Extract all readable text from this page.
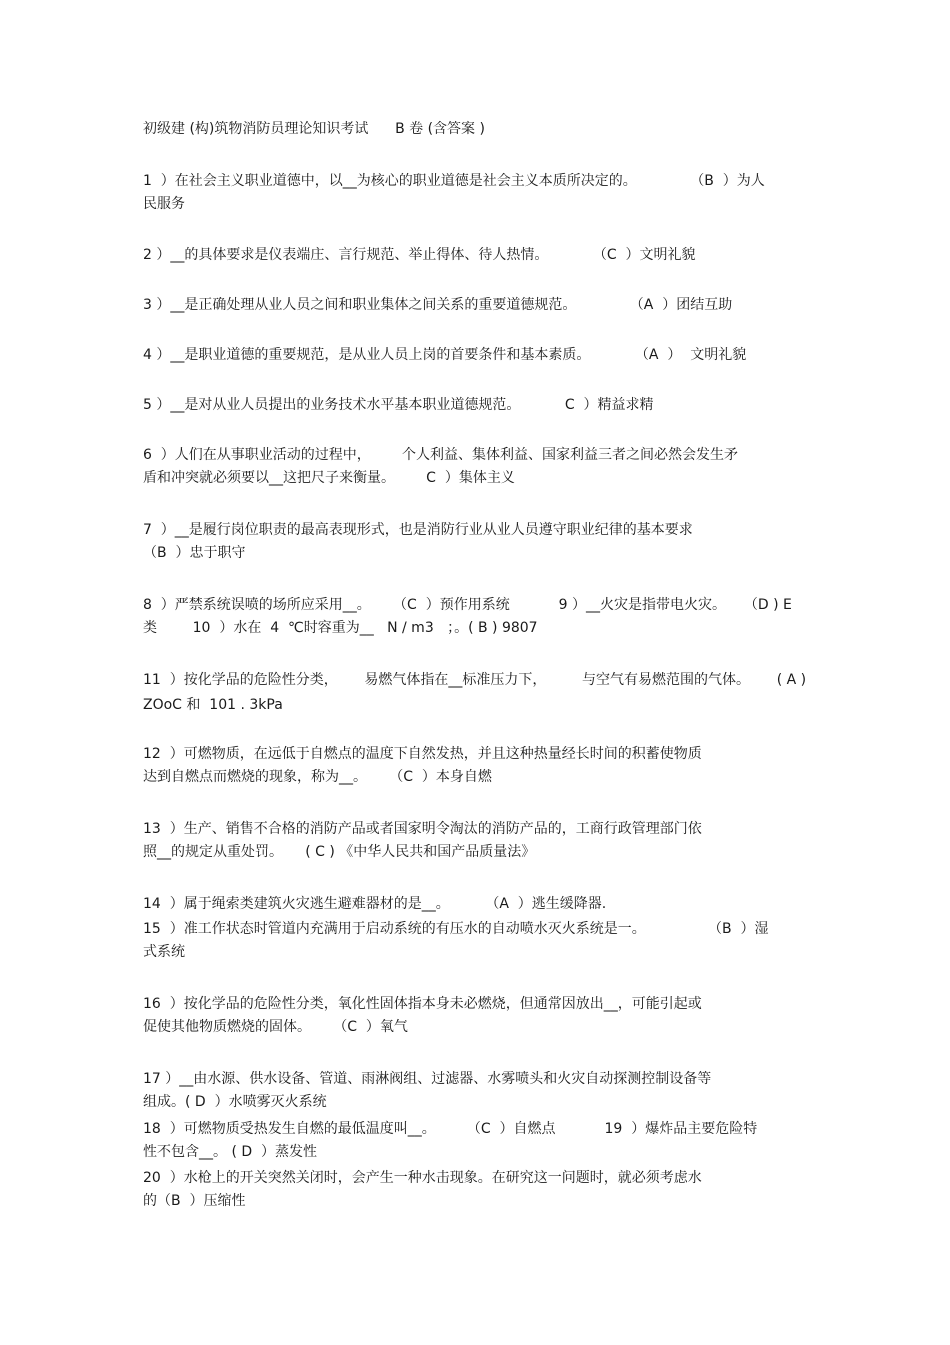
初级建 (构)筑物消防员理论知识考试      B 卷 (含答案 )
1  ）在社会主义职业道德中，以__为核心的职业道德是社会主义本质所决定的。            （B  ）为人
民服务
2 ）__的具体要求是仪表端庄、言行规范、举止得体、待人热情。          （C  ）文明礼貌
3 ）__是正确处理从业人员之间和职业集体之间关系的重要道德规范。            （A  ）团结互助
4 ）__是职业道德的重要规范，是从业人员上岗的首要条件和基本素质。          （A  ）  文明礼貌
5 ）__是对从业人员提出的业务技术水平基本职业道德规范。          C  ）精益求精
6  ）人们在从事职业活动的过程中，       个人利益、集体利益、国家利益三者之间必然会发生矛
盾和冲突就必须要以__这把尺子来衡量。       C  ）集体主义
7  ）__是履行岗位职责的最高表现形式，也是消防行业从业人员遵守职业纪律的基本要求
（B  ）忠于职守
8  ）严禁系统误喷的场所应采用__。     （C  ）预作用系统           9 ）__火灾是指带电火灾。    （D ) E
类        10  ）水在  4  ℃时容重为__   N / m3   ；。( B ) 9807
11  ）按化学品的危险性分类，      易燃气体指在__标准压力下，        与空气有易燃范围的气体。      ( A )
ZOoC 和  101 . 3kPa
12  ）可燃物质，在远低于自燃点的温度下自然发热，并且这种热量经长时间的积蓄使物质
达到自燃点而燃烧的现象，称为__。     （C  ）本身自燃
13  ）生产、销售不合格的消防产品或者国家明令淘汰的消防产品的，工商行政管理部门依
照__的规定从重处罚。     ( C ) 《中华人民共和国产品质量法》
14  ）属于绳索类建筑火灾逃生避难器材的是__。        （A  ）逃生缓降器.
15  ）准工作状态时管道内充满用于启动系统的有压水的自动喷水灭火系统是一。              （B  ）湿
式系统
16  ）按化学品的危险性分类，氧化性固体指本身未必燃烧，但通常因放出__，可能引起或
促使其他物质燃烧的固体。     （C  ）氧气
17 ）__由水源、供水设备、管道、雨淋阀组、过滤器、水雾喷头和火灾自动探测控制设备等
组成。( D  ）水喷雾灭火系统
18  ）可燃物质受热发生自燃的最低温度叫__。       （C  ）自燃点           19  ）爆炸品主要危险特
性不包含__。 ( D  ）蒸发性
20  ）水枪上的开关突然关闭时，会产生一种水击现象。在研究这一问题时，就必须考虑水
的（B  ）压缩性
